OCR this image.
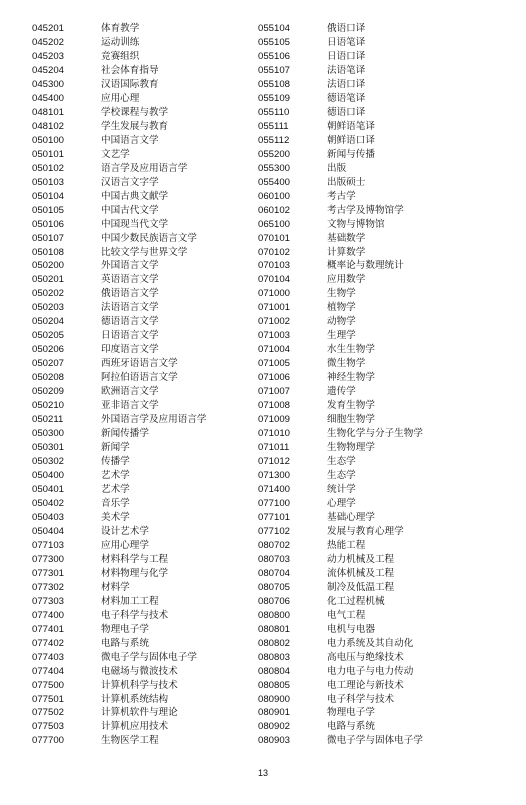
045201	体育教学
045202	运动训练
045203	竞赛组织
045204	社会体育指导
045300	汉语国际教育
045400	应用心理
048101	学校课程与教学
048102	学生发展与教育
050100	中国语言文学
050101	文艺学
050102	语言学及应用语言学
050103	汉语言文字学
050104	中国古典文献学
050105	中国古代文学
050106	中国现当代文学
050107	中国少数民族语言文学
050108	比较文学与世界文学
050200	外国语言文学
050201	英语语言文学
050202	俄语语言文学
050203	法语语言文学
050204	德语语言文学
050205	日语语言文学
050206	印度语言文学
050207	西班牙语语言文学
050208	阿拉伯语语言文学
050209	欧洲语言文学
050210	亚非语言文学
050211	外国语言学及应用语言学
050300	新闻传播学
050301	新闻学
050302	传播学
050400	艺术学
050401	艺术学
050402	音乐学
050403	美术学
050404	设计艺术学
077103	应用心理学
077300	材料科学与工程
077301	材料物理与化学
077302	材料学
077303	材料加工工程
077400	电子科学与技术
077401	物理电子学
077402	电路与系统
077403	微电子学与固体电子学
077404	电磁场与微波技术
077500	计算机科学与技术
077501	计算机系统结构
077502	计算机软件与理论
077503	计算机应用技术
077700	生物医学工程
055104	俄语口译
055105	日语笔译
055106	日语口译
055107	法语笔译
055108	法语口译
055109	德语笔译
055110	德语口译
055111	朝鲜语笔译
055112	朝鲜语口译
055200	新闻与传播
055300	出版
055400	出版硕士
060100	考古学
060102	考古学及博物馆学
065100	文物与博物馆
070101	基础数学
070102	计算数学
070103	概率论与数理统计
070104	应用数学
071000	生物学
071001	植物学
071002	动物学
071003	生理学
071004	水生生物学
071005	微生物学
071006	神经生物学
071007	遗传学
071008	发育生物学
071009	细胞生物学
071010	生物化学与分子生物学
071011	生物物理学
071012	生态学
071300	生态学
071400	统计学
077100	心理学
077101	基础心理学
077102	发展与教育心理学
080702	热能工程
080703	动力机械及工程
080704	流体机械及工程
080705	制冷及低温工程
080706	化工过程机械
080800	电气工程
080801	电机与电器
080802	电力系统及其自动化
080803	高电压与绝缘技术
080804	电力电子与电力传动
080805	电工理论与新技术
080900	电子科学与技术
080901	物理电子学
080902	电路与系统
080903	微电子学与固体电子学
13
